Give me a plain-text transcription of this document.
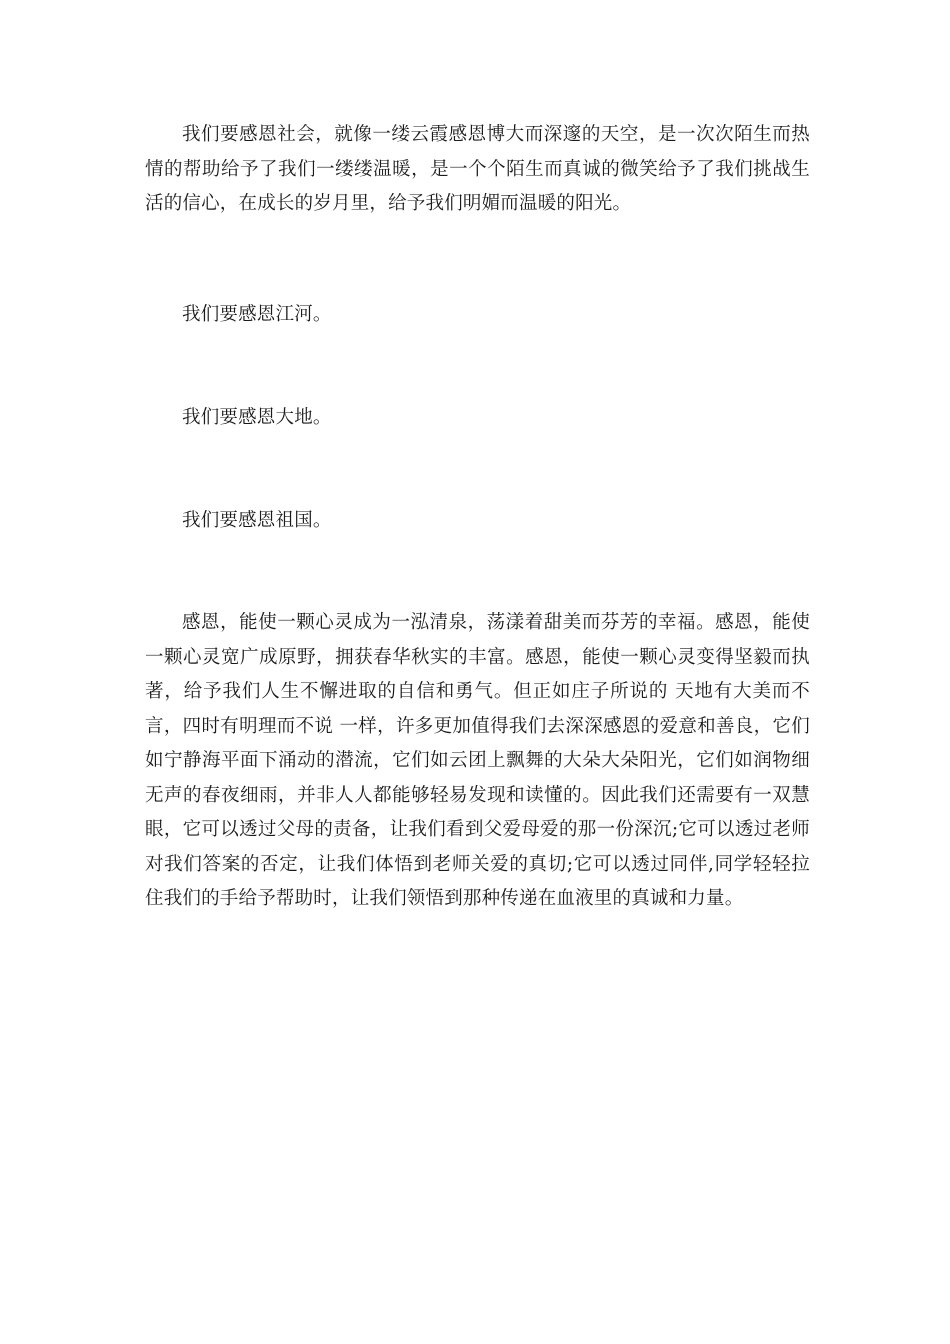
我们要感恩社会，就像一缕云霞感恩博大而深邃的天空，是一次次陌生而热情的帮助给予了我们一缕缕温暖，是一个个陌生而真诚的微笑给予了我们挑战生活的信心，在成长的岁月里，给予我们明媚而温暖的阳光。

我们要感恩江河。

我们要感恩大地。

我们要感恩祖国。

感恩，能使一颗心灵成为一泓清泉，荡漾着甜美而芬芳的幸福。感恩，能使一颗心灵宽广成原野，拥获春华秋实的丰富。感恩，能使一颗心灵变得坚毅而执著，给予我们人生不懈进取的自信和勇气。但正如庄子所说的 天地有大美而不言，四时有明理而不说 一样，许多更加值得我们去深深感恩的爱意和善良，它们如宁静海平面下涌动的潜流，它们如云团上飘舞的大朵大朵阳光，它们如润物细无声的春夜细雨，并非人人都能够轻易发现和读懂的。因此我们还需要有一双慧眼，它可以透过父母的责备，让我们看到父爱母爱的那一份深沉;它可以透过老师对我们答案的否定，让我们体悟到老师关爱的真切;它可以透过同伴,同学轻轻拉住我们的手给予帮助时，让我们领悟到那种传递在血液里的真诚和力量。
